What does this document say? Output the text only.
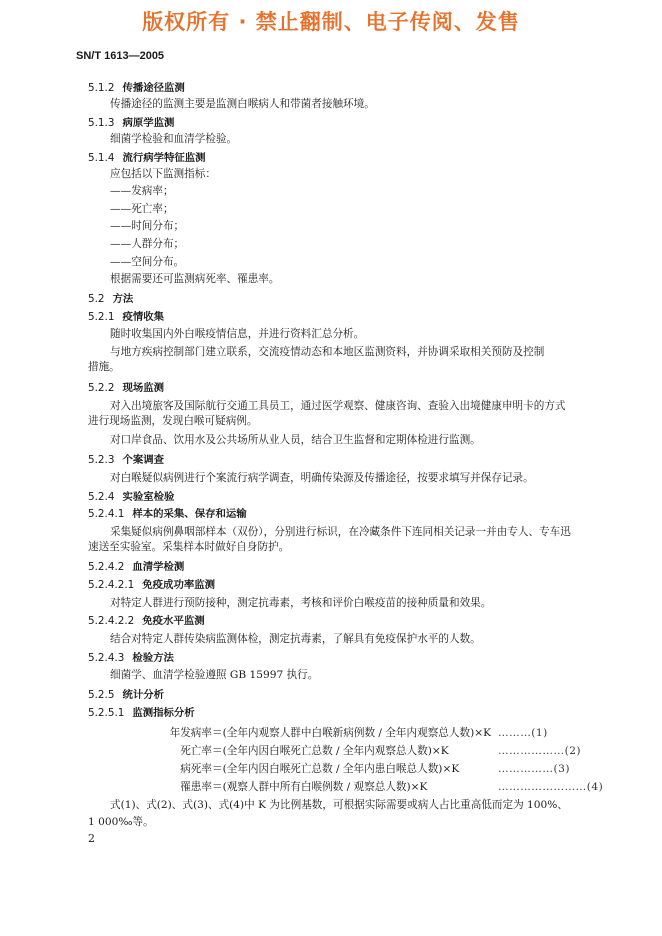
版权所有 · 禁止翻制、电子传阅、发售
SN/T 1613—2005
5.1.2 传播途径监测
传播途径的监测主要是监测白喉病人和带菌者接触环境。
5.1.3 病原学监测
细菌学检验和血清学检验。
5.1.4 流行病学特征监测
应包括以下监测指标：
——发病率；
——死亡率；
——时间分布；
——人群分布；
——空间分布。
根据需要还可监测病死率、罹患率。
5.2 方法
5.2.1 疫情收集
随时收集国内外白喉疫情信息，并进行资料汇总分析。
与地方疾病控制部门建立联系，交流疫情动态和本地区监测资料，并协调采取相关预防及控制
措施。
5.2.2 现场监测
对入出境旅客及国际航行交通工具员工，通过医学观察、健康咨询、查验入出境健康申明卡的方式
进行现场监测，发现白喉可疑病例。
对口岸食品、饮用水及公共场所从业人员，结合卫生监督和定期体检进行监测。
5.2.3 个案调查
对白喉疑似病例进行个案流行病学调查，明确传染源及传播途径，按要求填写并保存记录。
5.2.4 实验室检验
5.2.4.1 样本的采集、保存和运输
采集疑似病例鼻咽部样本（双份），分别进行标识，在冷藏条件下连同相关记录一并由专人、专车迅
速送至实验室。采集样本时做好自身防护。
5.2.4.2 血清学检测
5.2.4.2.1 免疫成功率监测
对特定人群进行预防接种，测定抗毒素，考核和评价白喉疫苗的接种质量和效果。
5.2.4.2.2 免疫水平监测
结合对特定人群传染病监测体检，测定抗毒素，了解具有免疫保护水平的人数。
5.2.4.3 检验方法
细菌学、血清学检验遵照 GB 15997 执行。
5.2.5 统计分析
5.2.5.1 监测指标分析
年发病率＝(全年内观察人群中白喉新病例数 / 全年内观察总人数)×K ………(1)
死亡率＝(全年内因白喉死亡总数 / 全年内观察总人数)×K	………………(2)
病死率＝(全年内因白喉死亡总数 / 全年内患白喉总人数)×K	……………(3)
罹患率＝(观察人群中所有白喉例数 / 观察总人数)×K	……………………(4)
式(1)、式(2)、式(3)、式(4)中 K 为比例基数，可根据实际需要或病人占比重高低而定为 100%、
1 000‰等。
2
